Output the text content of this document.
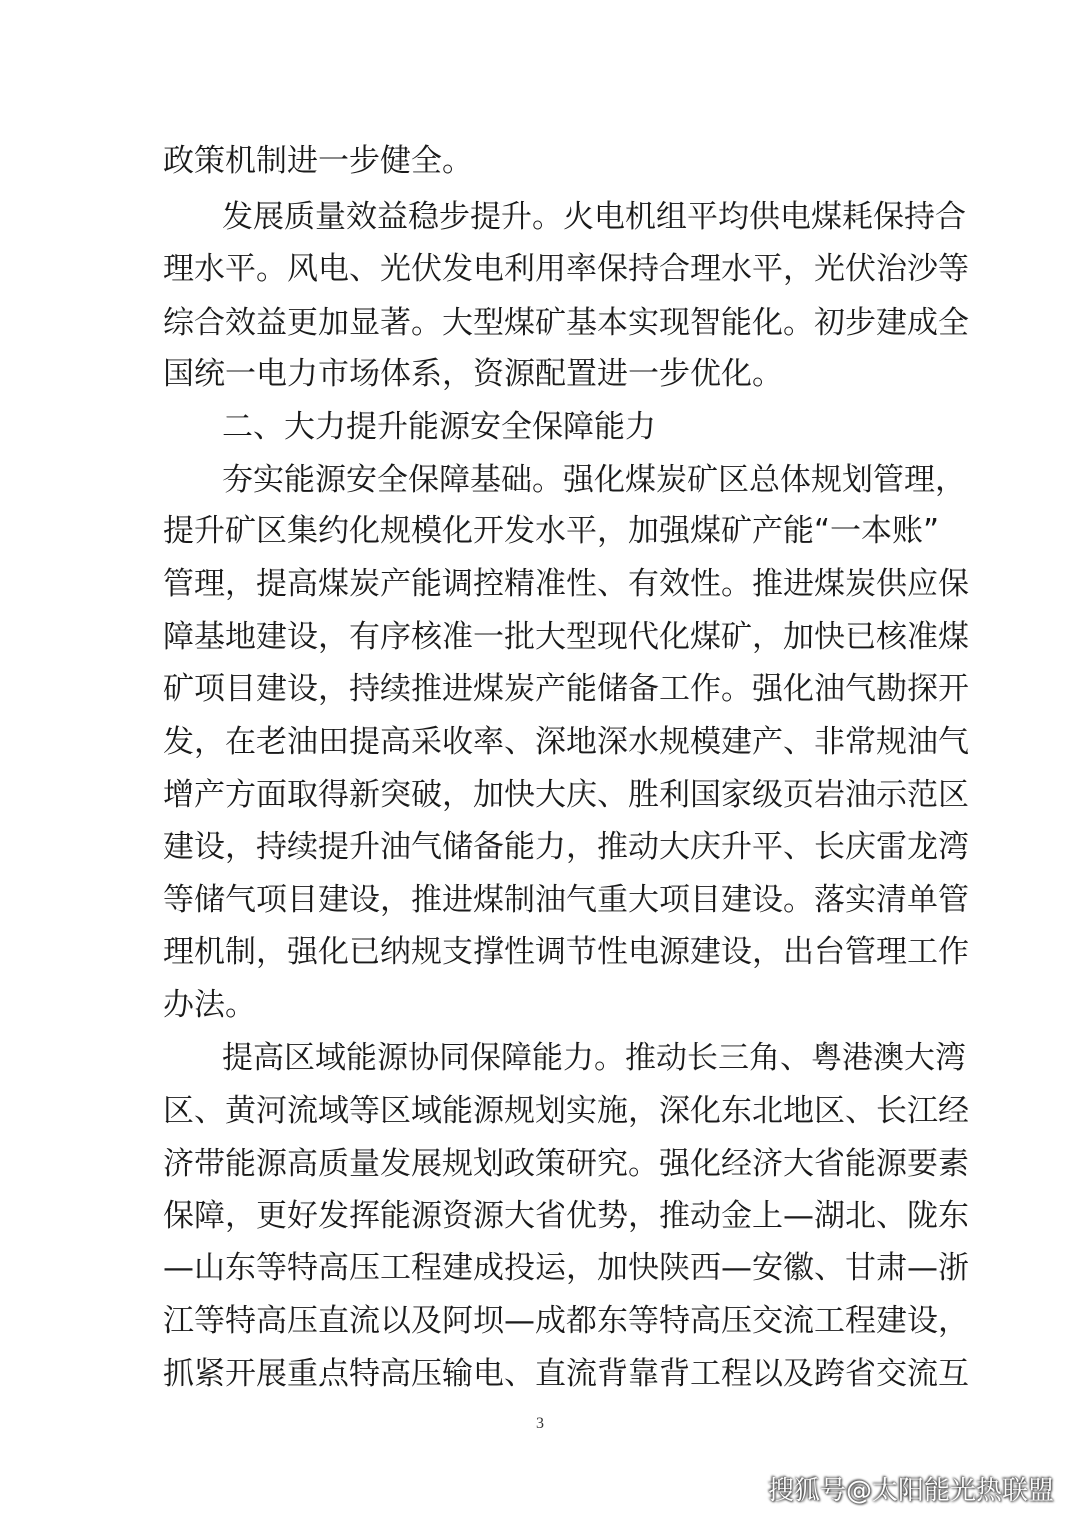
政策机制进一步健全。
发展质量效益稳步提升。火电机组平均供电煤耗保持合
理水平。风电、光伏发电利用率保持合理水平，光伏治沙等
综合效益更加显著。大型煤矿基本实现智能化。初步建成全
国统一电力市场体系，资源配置进一步优化。
二、大力提升能源安全保障能力
夯实能源安全保障基础。强化煤炭矿区总体规划管理，
提升矿区集约化规模化开发水平，加强煤矿产能“一本账”
管理，提高煤炭产能调控精准性、有效性。推进煤炭供应保
障基地建设，有序核准一批大型现代化煤矿，加快已核准煤
矿项目建设，持续推进煤炭产能储备工作。强化油气勘探开
发，在老油田提高采收率、深地深水规模建产、非常规油气
增产方面取得新突破，加快大庆、胜利国家级页岩油示范区
建设，持续提升油气储备能力，推动大庆升平、长庆雷龙湾
等储气项目建设，推进煤制油气重大项目建设。落实清单管
理机制，强化已纳规支撑性调节性电源建设，出台管理工作
办法。
提高区域能源协同保障能力。推动长三角、粤港澳大湾
区、黄河流域等区域能源规划实施，深化东北地区、长江经
济带能源高质量发展规划政策研究。强化经济大省能源要素
保障，更好发挥能源资源大省优势，推动金上—湖北、陇东
—山东等特高压工程建成投运，加快陕西—安徽、甘肃—浙
江等特高压直流以及阿坝—成都东等特高压交流工程建设，
抓紧开展重点特高压输电、直流背靠背工程以及跨省交流互
3
搜狐号@太阳能光热联盟
